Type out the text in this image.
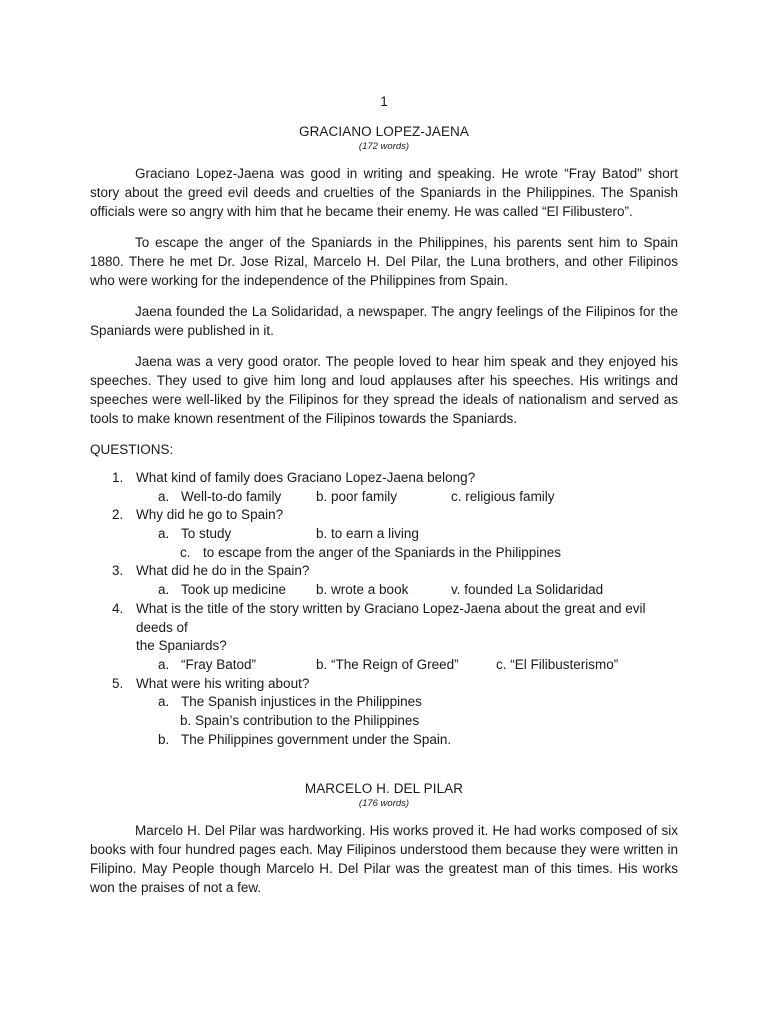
1
GRACIANO LOPEZ-JAENA
(172 words)

Graciano Lopez-Jaena was good in writing and speaking. He wrote “Fray Batod” short story about the greed evil deeds and cruelties of the Spaniards in the Philippines. The Spanish officials were so angry with him that he became their enemy. He was called “El Filibustero”.

To escape the anger of the Spaniards in the Philippines, his parents sent him to Spain 1880. There he met Dr. Jose Rizal, Marcelo H. Del Pilar, the Luna brothers, and other Filipinos who were working for the independence of the Philippines from Spain.

Jaena founded the La Solidaridad, a newspaper. The angry feelings of the Filipinos for the Spaniards were published in it.

Jaena was a very good orator. The people loved to hear him speak and they enjoyed his speeches. They used to give him long and loud applauses after his speeches. His writings and speeches were well-liked by the Filipinos for they spread the ideals of nationalism and served as tools to make known resentment of the Filipinos towards the Spaniards.

QUESTIONS:
1. What kind of family does Graciano Lopez-Jaena belong?
a. Well-to-do family	b. poor family	c. religious family
2. Why did he go to Spain?
a. To study	b. to earn a living
c. to escape from the anger of the Spaniards in the Philippines
3. What did he do in the Spain?
a. Took up medicine b. wrote a book	v. founded La Solidaridad
4. What is the title of the story written by Graciano Lopez-Jaena about the great and evil deeds of
the Spaniards?
a. “Fray Batod”	b. “The Reign of Greed”	c. “El Filibusterismo”
5. What were his writing about?
a. The Spanish injustices in the Philippines
b. Spain’s contribution to the Philippines
b. The Philippines government under the Spain.
MARCELO H. DEL PILAR
(176 words)

Marcelo H. Del Pilar was hardworking. His works proved it. He had works composed of six books with four hundred pages each. May Filipinos understood them because they were written in Filipino. May People though Marcelo H. Del Pilar was the greatest man of this times. His works won the praises of not a few.
